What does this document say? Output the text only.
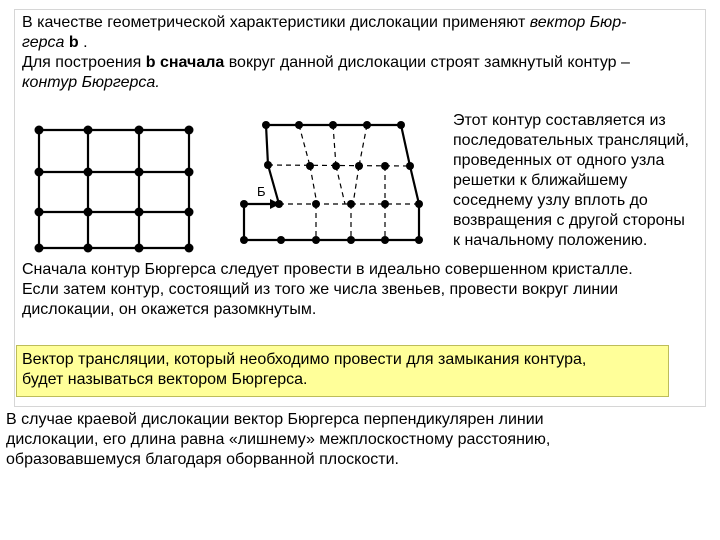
В качестве геометрической характеристики дислокации применяют вектор Бюр-
герса b .
Для построения b сначала вокруг данной дислокации строят замкнутый контур –
контур Бюргерса.

Б

Этот контур составляется из
последовательных трансляций,
проведенных от одного узла
решетки к ближайшему
соседнему узлу вплоть до
возвращения с другой стороны
к начальному положению.

Сначала контур Бюргерса следует провести в идеально совершенном кристалле.
Если затем контур, состоящий из того же числа звеньев, провести вокруг линии
дислокации, он окажется разомкнутым.

Вектор трансляции, который необходимо провести для замыкания контура,
будет называться вектором Бюргерса.

В случае краевой дислокации вектор Бюргерса перпендикулярен линии
дислокации, его длина равна «лишнему» межплоскостному расстоянию,
образовавшемуся благодаря оборванной плоскости.
